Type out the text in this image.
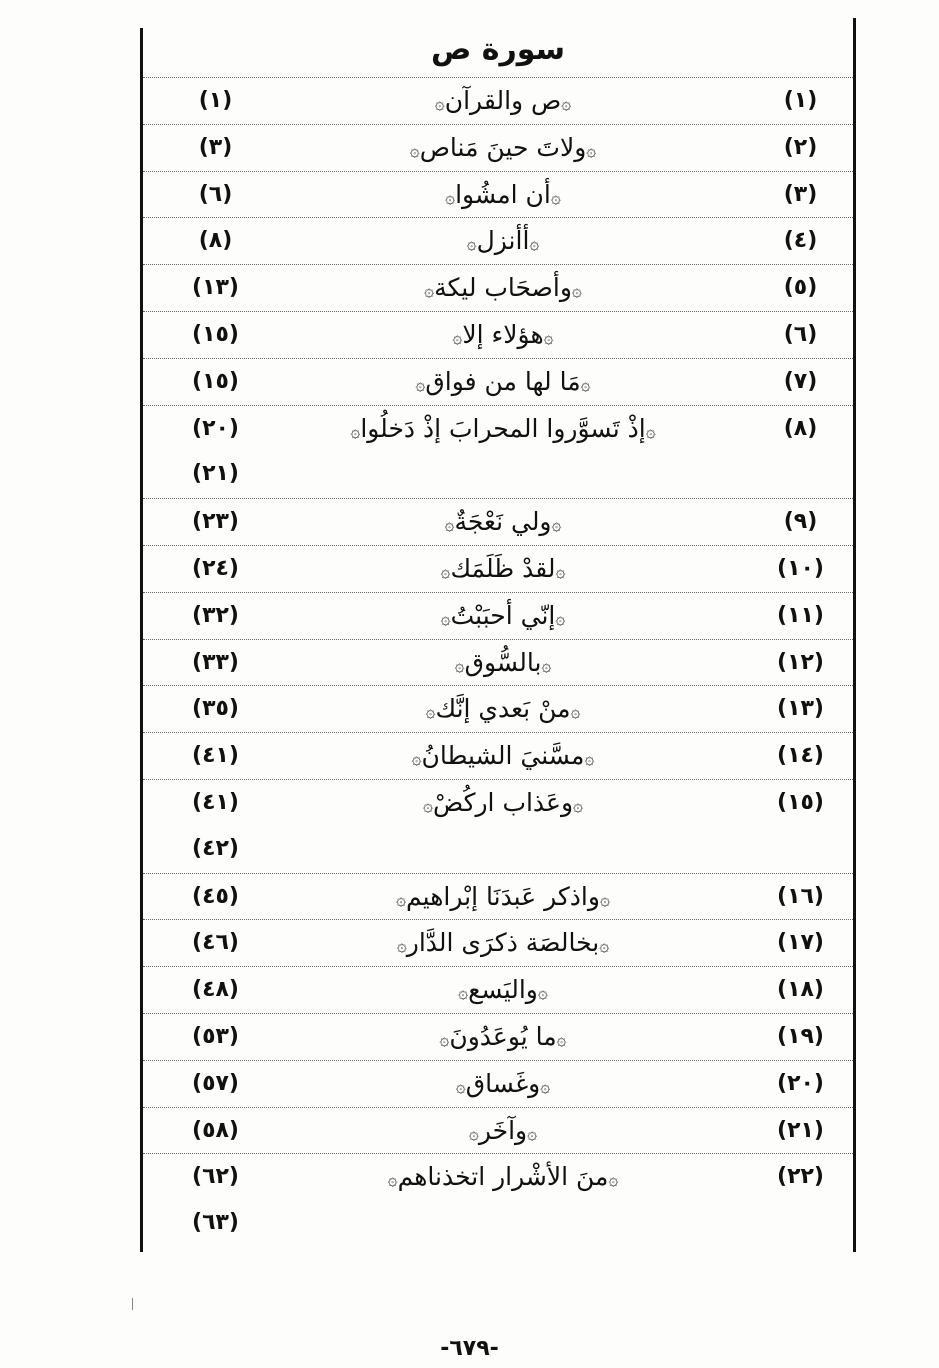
سورة ص
(١)	۞ص والقرآن۞	(١)
(٣)	۞ولاتَ حينَ مَناص۞	(٢)
(٦)	۞أن امشُوا۞	(٣)
(٨)	۞أأنزل۞	(٤)
(١٣)	۞وأصحَاب ليكة۞	(٥)
(١٥)	۞هؤلاء إلا۞	(٦)
(١٥)	۞مَا لها من فواق۞	(٧)
(٢٠)	۞إذْ تَسوَّروا المحرابَ إذْ دَخلُوا۞	(٨)
(٢١)
(٢٣)	۞ولي نَعْجَةٌ۞	(٩)
(٢٤)	۞لقدْ ظَلَمَك۞	(١٠)
(٣٢)	۞إنّي أحبَبْتُ۞	(١١)
(٣٣)	۞بالسُّوق۞	(١٢)
(٣٥)	۞منْ بَعدي إنَّك۞	(١٣)
(٤١)	۞مسَّنيَ الشيطانُ۞	(١٤)
(٤١)	۞وعَذاب اركُضْ۞	(١٥)
(٤٢)
(٤٥)	۞واذكر عَبدَنَا إبْراهيم۞	(١٦)
(٤٦)	۞بخالصَة ذكرَى الدَّار۞	(١٧)
(٤٨)	۞واليَسع۞	(١٨)
(٥٣)	۞ما يُوعَدُونَ۞	(١٩)
(٥٧)	۞وغَساق۞	(٢٠)
(٥٨)	۞وآخَر۞	(٢١)
(٦٢)	۞منَ الأشْرار اتخذناهم۞	(٢٢)
(٦٣)
-٦٧٩-
